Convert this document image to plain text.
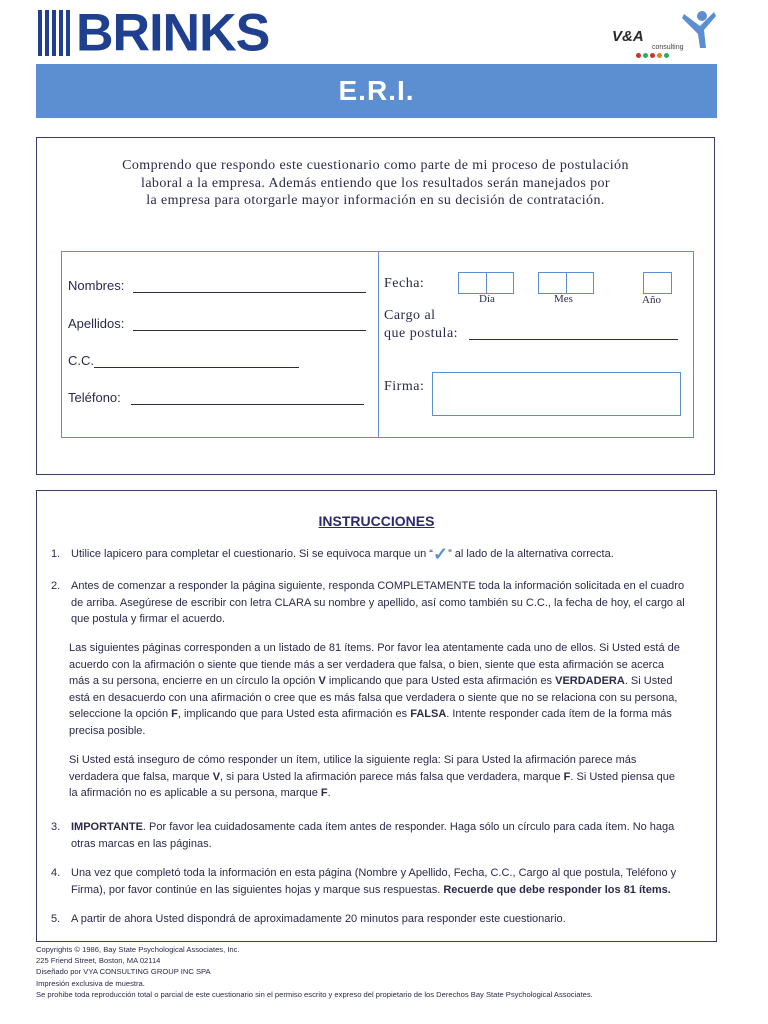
BRINKS	V&A
consulting
E.R.I.
Comprendo que respondo este cuestionario como parte de mi proceso de postulación
laboral a la empresa. Además entiendo que los resultados serán manejados por
la empresa para otorgarle mayor información en su decisión de contratación.
Nombres:
Apellidos:
C.C.
Teléfono:
Fecha:
Día	Mes	Año
Cargo al
que postula:
Firma:
INSTRUCCIONES
1. Utilice lapicero para completar el cuestionario. Si se equivoca marque un “✓” al lado de la alternativa correcta.
2. Antes de comenzar a responder la página siguiente, responda COMPLETAMENTE toda la información solicitada en el cuadro
de arriba. Asegúrese de escribir con letra CLARA su nombre y apellido, así como también su C.C., la fecha de hoy, el cargo al
que postula y firmar el acuerdo.
Las siguientes páginas corresponden a un listado de 81 ítems. Por favor lea atentamente cada uno de ellos. Si Usted está de
acuerdo con la afirmación o siente que tiende más a ser verdadera que falsa, o bien, siente que esta afirmación se acerca
más a su persona, encierre en un círculo la opción V implicando que para Usted esta afirmación es VERDADERA. Si Usted
está en desacuerdo con una afirmación o cree que es más falsa que verdadera o siente que no se relaciona con su persona,
seleccione la opción F, implicando que para Usted esta afirmación es FALSA. Intente responder cada ítem de la forma más
precisa posible.
Si Usted está inseguro de cómo responder un ítem, utilice la siguiente regla: Si para Usted la afirmación parece más
verdadera que falsa, marque V, si para Usted la afirmación parece más falsa que verdadera, marque F. Si Usted piensa que
la afirmación no es aplicable a su persona, marque F.
3. IMPORTANTE. Por favor lea cuidadosamente cada ítem antes de responder. Haga sólo un círculo para cada ítem. No haga
otras marcas en las páginas.
4. Una vez que completó toda la información en esta página (Nombre y Apellido, Fecha, C.C., Cargo al que postula, Teléfono y
Firma), por favor continúe en las siguientes hojas y marque sus respuestas. Recuerde que debe responder los 81 ítems.
5. A partir de ahora Usted dispondrá de aproximadamente 20 minutos para responder este cuestionario.
Copyrights © 1986, Bay State Psychological Associates, Inc.
225 Friend Street, Boston, MA 02114
Diseñado por VYA CONSULTING GROUP INC SPA
Impresión exclusiva de muestra.
Se prohibe toda reproducción total o parcial de este cuestionario sin el permiso escrito y expreso del propietario de los Derechos Bay State Psychological Associates.
